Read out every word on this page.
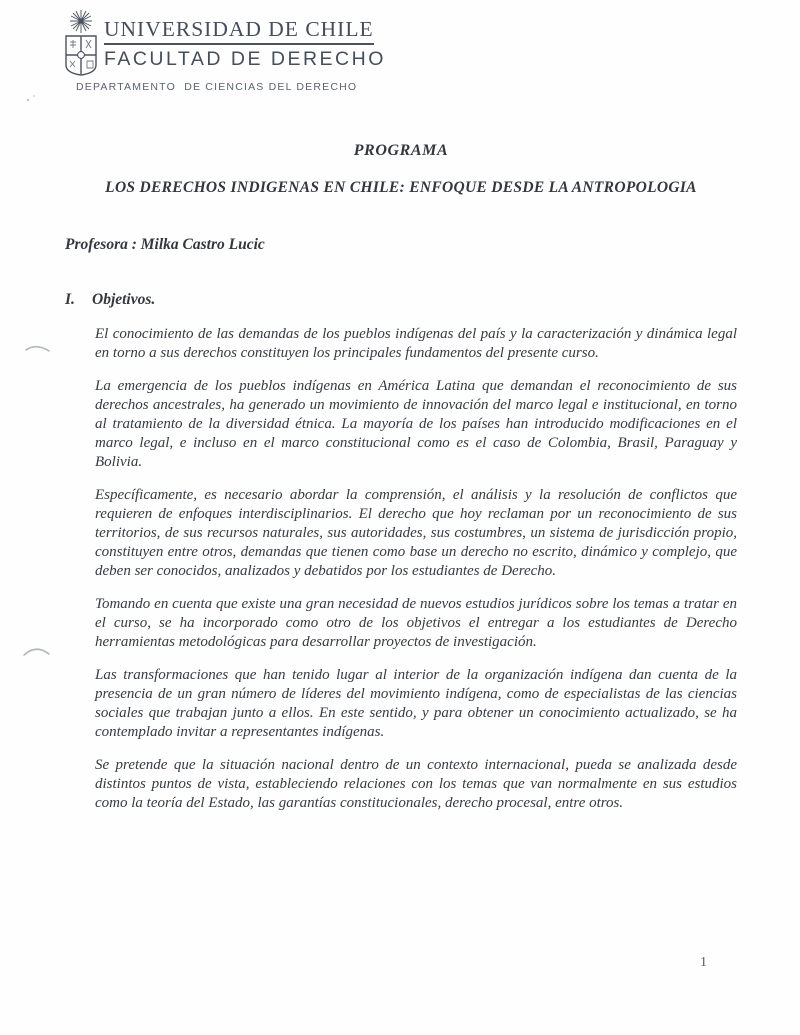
UNIVERSIDAD DE CHILE
FACULTAD DE DERECHO
DEPARTAMENTO  DE CIENCIAS DEL DERECHO
PROGRAMA
LOS DERECHOS INDIGENAS EN CHILE: ENFOQUE DESDE LA ANTROPOLOGIA
Profesora : Milka Castro Lucic
I.	Objetivos.

El conocimiento de las demandas de los pueblos indígenas del país y la caracterización y dinámica legal en torno a sus derechos constituyen los principales fundamentos del presente curso.

La emergencia de los pueblos indígenas en América Latina que demandan el reconocimiento de sus derechos ancestrales, ha generado un movimiento de innovación del marco legal e institucional, en torno al tratamiento de la diversidad étnica. La mayoría de los países han introducido modificaciones en el marco legal, e incluso en el marco constitucional como es el caso de Colombia, Brasil, Paraguay y Bolivia.

Específicamente, es necesario abordar la comprensión, el análisis y la resolución de conflictos que requieren de enfoques interdisciplinarios. El derecho que hoy reclaman por un reconocimiento de sus territorios, de sus recursos naturales, sus autoridades, sus costumbres, un sistema de jurisdicción propio, constituyen entre otros, demandas que tienen como base un derecho no escrito, dinámico y complejo, que deben ser conocidos, analizados y debatidos por los estudiantes de Derecho.

Tomando en cuenta que existe una gran necesidad de nuevos estudios jurídicos sobre los temas a tratar en el curso, se ha incorporado como otro de los objetivos el entregar a los estudiantes de Derecho herramientas metodológicas para desarrollar proyectos de investigación.

Las transformaciones que han tenido lugar al interior de la organización indígena dan cuenta de la presencia de un gran número de líderes del movimiento indígena, como de especialistas de las ciencias sociales que trabajan junto a ellos. En este sentido, y para obtener un conocimiento actualizado, se ha contemplado invitar a representantes indígenas.

Se pretende que la situación nacional dentro de un contexto internacional, pueda se analizada desde distintos puntos de vista, estableciendo relaciones con los temas que van normalmente en sus estudios como la teoría del Estado, las garantías constitucionales, derecho procesal, entre otros.

1
